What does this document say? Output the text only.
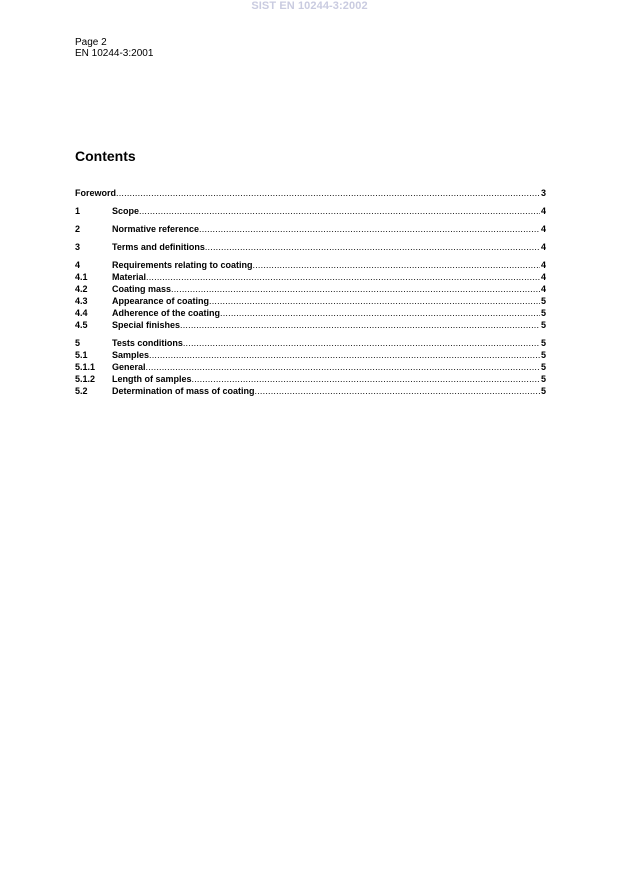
SIST EN 10244-3:2002
Page 2
EN 10244-3:2001
Contents
Foreword .....	3
1	Scope .....	4
2	Normative reference .....	4
3	Terms and definitions .....	4
4	Requirements relating to coating .....	4
4.1	Material .....	4
4.2	Coating mass .....	4
4.3	Appearance of coating .....	5
4.4	Adherence of the coating .....	5
4.5	Special finishes .....	5
5	Tests conditions .....	5
5.1	Samples .....	5
5.1.1	General .....	5
5.1.2	Length of samples .....	5
5.2	Determination of mass of coating .....	5
